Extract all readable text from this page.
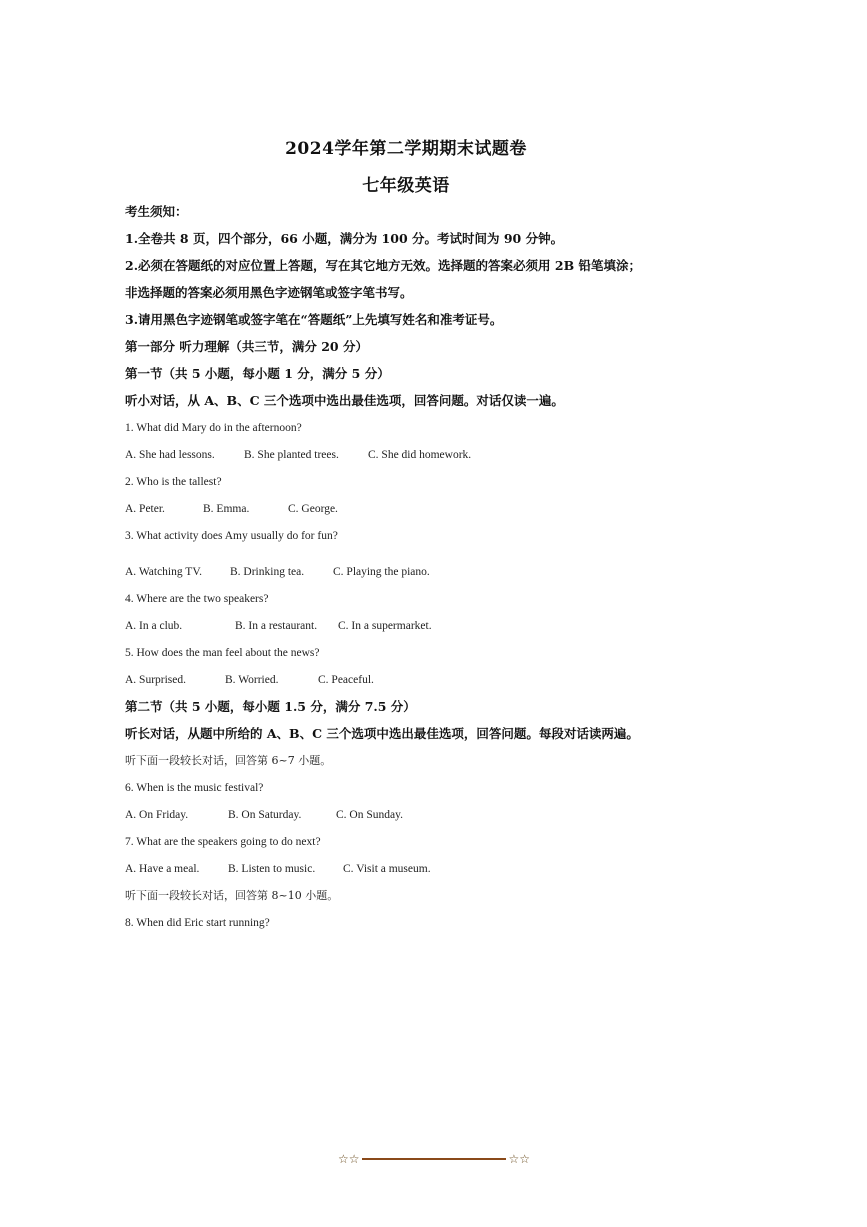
2024学年第二学期期末试题卷
七年级英语
考生须知：
1.全卷共 8 页，四个部分，66 小题，满分为 100 分。考试时间为 90 分钟。
2.必须在答题纸的对应位置上答题，写在其它地方无效。选择题的答案必须用 2B 铅笔填涂；
非选择题的答案必须用黑色字迹钢笔或签字笔书写。
3.请用黑色字迹钢笔或签字笔在“答题纸”上先填写姓名和准考证号。
第一部分 听力理解（共三节，满分 20 分）
第一节（共 5 小题，每小题 1 分，满分 5 分）
听小对话，从 A、B、C 三个选项中选出最佳选项，回答问题。对话仅读一遍。
1. What did Mary do in the afternoon?
A. She had lessons.	B. She planted trees.	C. She did homework.
2. Who is the tallest?
A. Peter.	B. Emma.	C. George.
3. What activity does Amy usually do for fun?
A. Watching TV. B. Drinking tea.	C. Playing the piano.
4. Where are the two speakers?
A. In a club.	B. In a restaurant. C. In a supermarket.
5. How does the man feel about the news?
A. Surprised.	B. Worried.	C. Peaceful.
第二节（共 5 小题，每小题 1.5 分，满分 7.5 分）
听长对话，从题中所给的 A、B、C 三个选项中选出最佳选项，回答问题。每段对话读两遍。
听下面一段较长对话，回答第 6~7 小题。
6. When is the music festival?
A. On Friday.	B. On Saturday.	C. On Sunday.
7. What are the speakers going to do next?
A. Have a meal. B. Listen to music. C. Visit a museum.
听下面一段较长对话，回答第 8~10 小题。
8. When did Eric start running?
☆☆	☆☆
